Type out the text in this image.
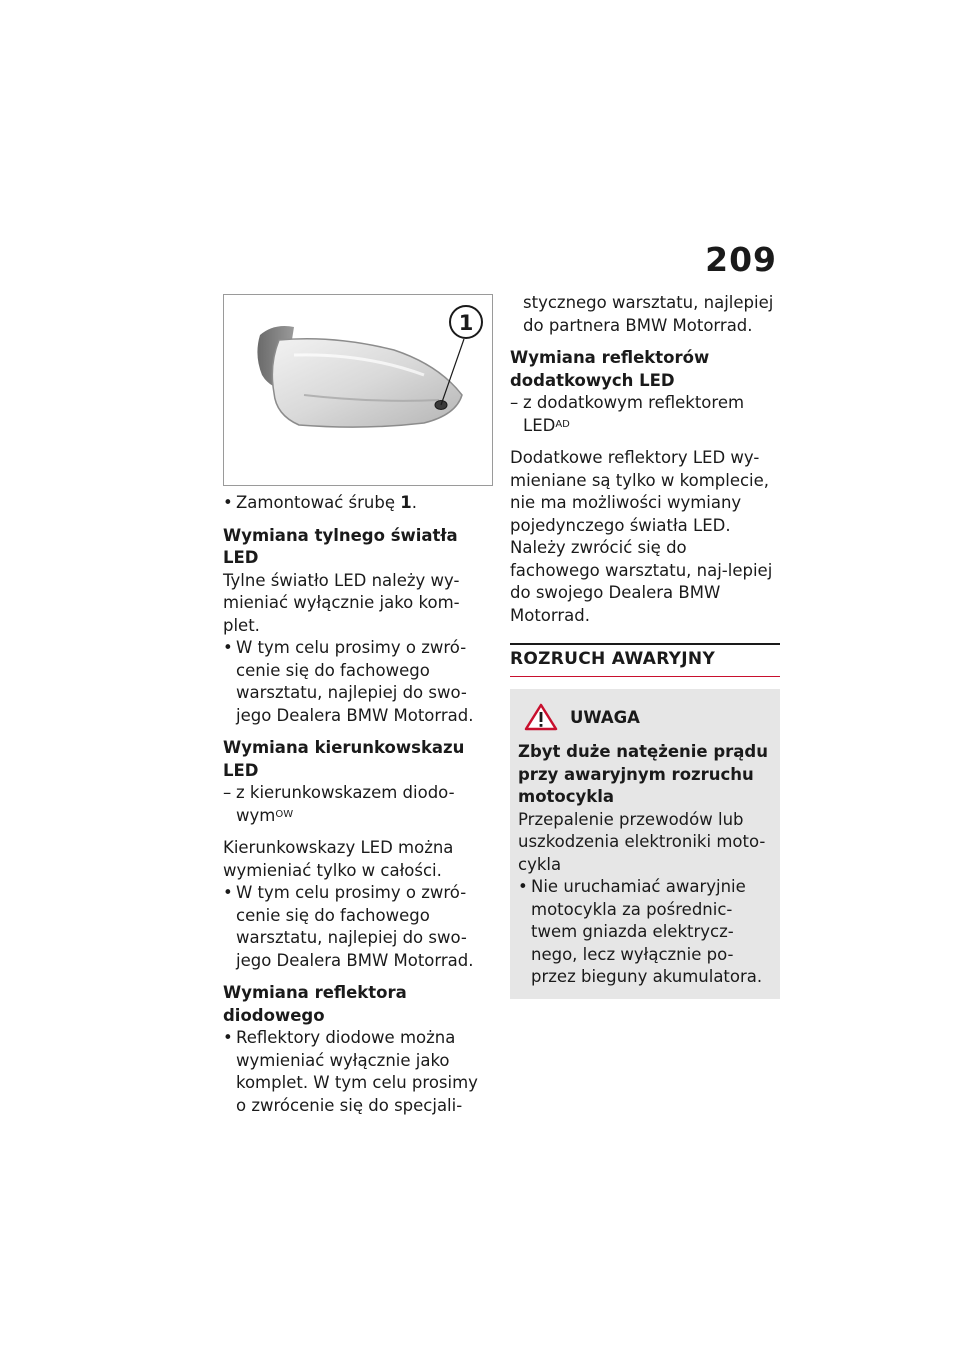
209
1
• Zamontować śrubę 1.
Wymiana tylnego światła LED

Tylne światło LED należy wy-mieniać wyłącznie jako kom-plet.

• W tym celu prosimy o zwró-cenie się do fachowego warsztatu, najlepiej do swo-jego Dealera BMW Motorrad.
Wymiana kierunkowskazu LED
– z kierunkowskazem diodo-wym$^{OW}$

Kierunkowskazy LED można wymieniać tylko w całości.

• W tym celu prosimy o zwró-cenie się do fachowego warsztatu, najlepiej do swo-jego Dealera BMW Motorrad.
Wymiana reflektora diodowego
• Reflektory diodowe można wymieniać wyłącznie jako komplet. W tym celu prosimy o zwrócenie się do specjali-

stycznego warsztatu, najlepiej do partnera BMW Motorrad.

Wymiana reflektorów dodatkowych LED
– z dodatkowym reflektorem $LED^{AD}$

Dodatkowe reflektory LED wy-mieniane są tylko w komplecie, nie ma możliwości wymiany pojedynczego światła LED. Należy zwrócić się do fachowego warsztatu, naj-lepiej do swojego Dealera BMW Motorrad.

ROZRUCH AWARYJNY
UWAGA
Zbyt duże natężenie prądu przy awaryjnym rozruchu motocykla

Przepalenie przewodów lub uszkodzenia elektroniki moto-cykla

• Nie uruchamiać awaryjnie motocykla za pośrednic-twem gniazda elektrycz-nego, lecz wyłącznie po-przez bieguny akumulatora.
